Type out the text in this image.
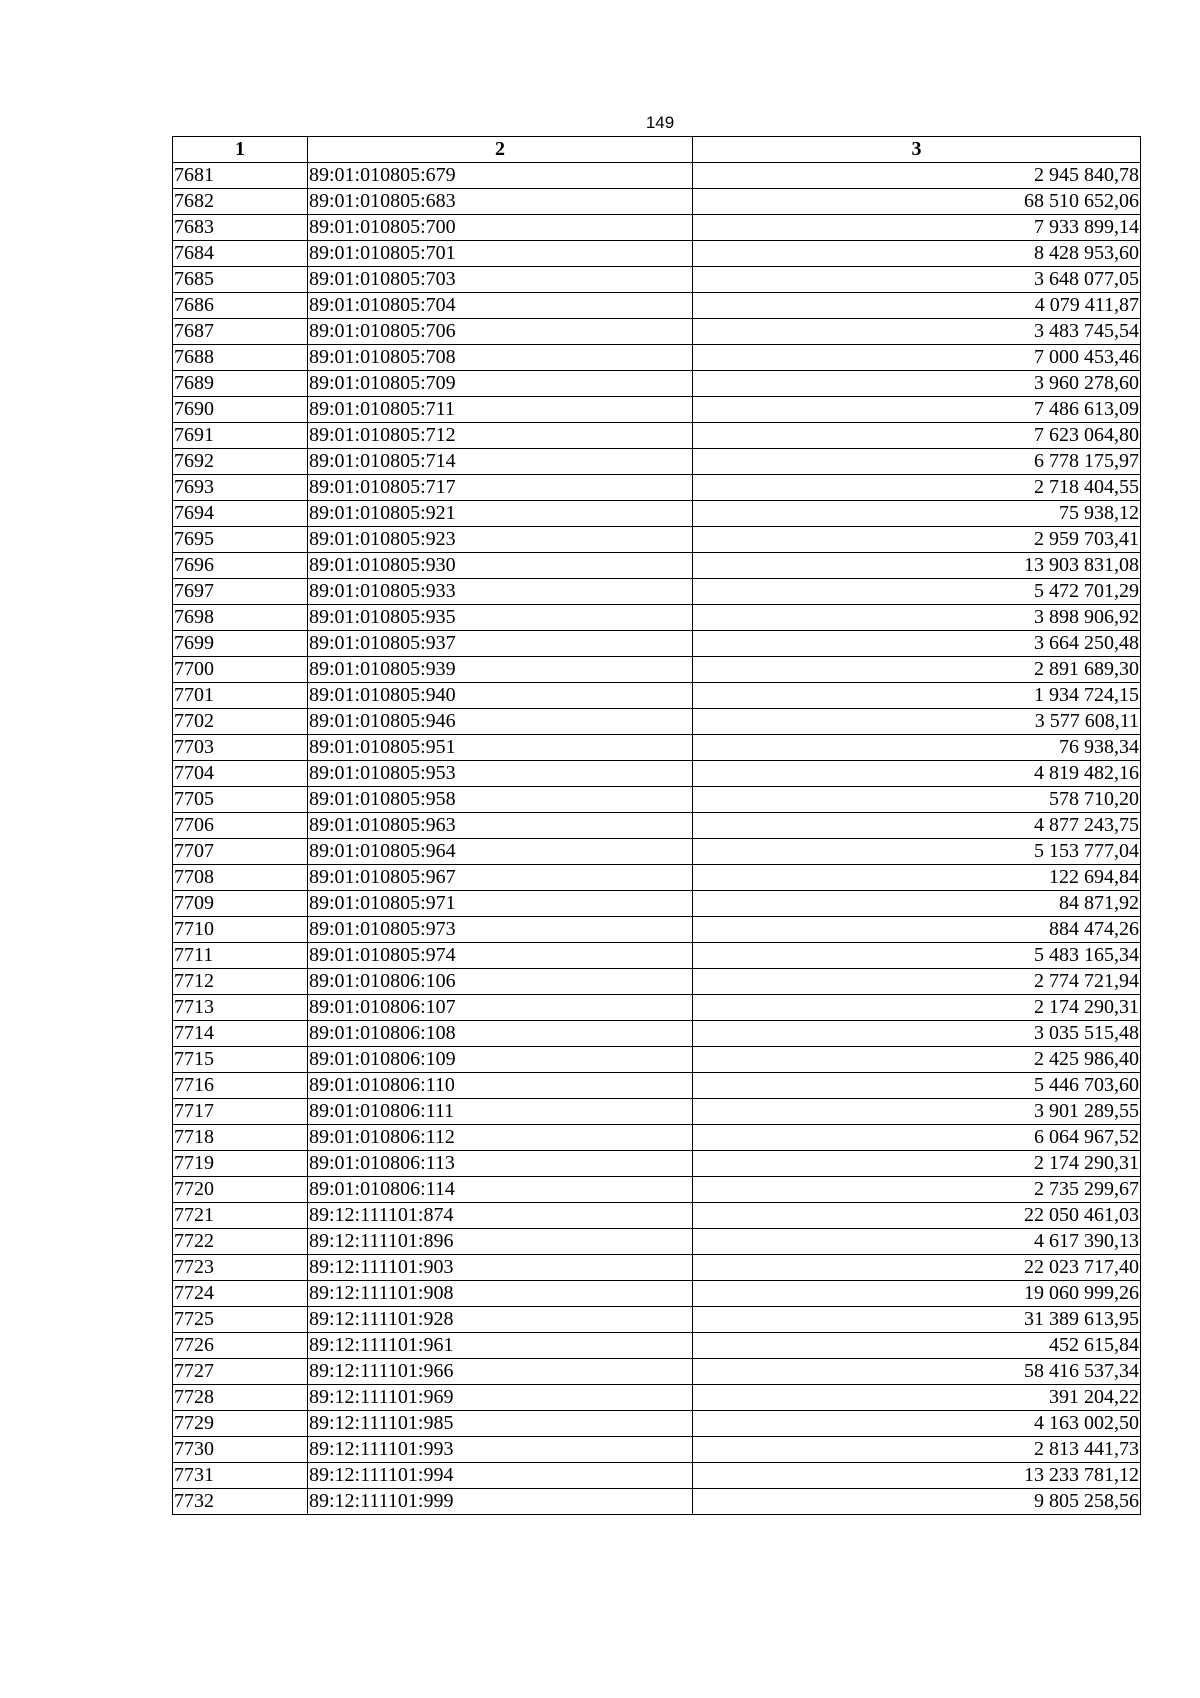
149
1	2	3
7681	89:01:010805:679	2 945 840,78
7682	89:01:010805:683	68 510 652,06
7683	89:01:010805:700	7 933 899,14
7684	89:01:010805:701	8 428 953,60
7685	89:01:010805:703	3 648 077,05
7686	89:01:010805:704	4 079 411,87
7687	89:01:010805:706	3 483 745,54
7688	89:01:010805:708	7 000 453,46
7689	89:01:010805:709	3 960 278,60
7690	89:01:010805:711	7 486 613,09
7691	89:01:010805:712	7 623 064,80
7692	89:01:010805:714	6 778 175,97
7693	89:01:010805:717	2 718 404,55
7694	89:01:010805:921	75 938,12
7695	89:01:010805:923	2 959 703,41
7696	89:01:010805:930	13 903 831,08
7697	89:01:010805:933	5 472 701,29
7698	89:01:010805:935	3 898 906,92
7699	89:01:010805:937	3 664 250,48
7700	89:01:010805:939	2 891 689,30
7701	89:01:010805:940	1 934 724,15
7702	89:01:010805:946	3 577 608,11
7703	89:01:010805:951	76 938,34
7704	89:01:010805:953	4 819 482,16
7705	89:01:010805:958	578 710,20
7706	89:01:010805:963	4 877 243,75
7707	89:01:010805:964	5 153 777,04
7708	89:01:010805:967	122 694,84
7709	89:01:010805:971	84 871,92
7710	89:01:010805:973	884 474,26
7711	89:01:010805:974	5 483 165,34
7712	89:01:010806:106	2 774 721,94
7713	89:01:010806:107	2 174 290,31
7714	89:01:010806:108	3 035 515,48
7715	89:01:010806:109	2 425 986,40
7716	89:01:010806:110	5 446 703,60
7717	89:01:010806:111	3 901 289,55
7718	89:01:010806:112	6 064 967,52
7719	89:01:010806:113	2 174 290,31
7720	89:01:010806:114	2 735 299,67
7721	89:12:111101:874	22 050 461,03
7722	89:12:111101:896	4 617 390,13
7723	89:12:111101:903	22 023 717,40
7724	89:12:111101:908	19 060 999,26
7725	89:12:111101:928	31 389 613,95
7726	89:12:111101:961	452 615,84
7727	89:12:111101:966	58 416 537,34
7728	89:12:111101:969	391 204,22
7729	89:12:111101:985	4 163 002,50
7730	89:12:111101:993	2 813 441,73
7731	89:12:111101:994	13 233 781,12
7732	89:12:111101:999	9 805 258,56
